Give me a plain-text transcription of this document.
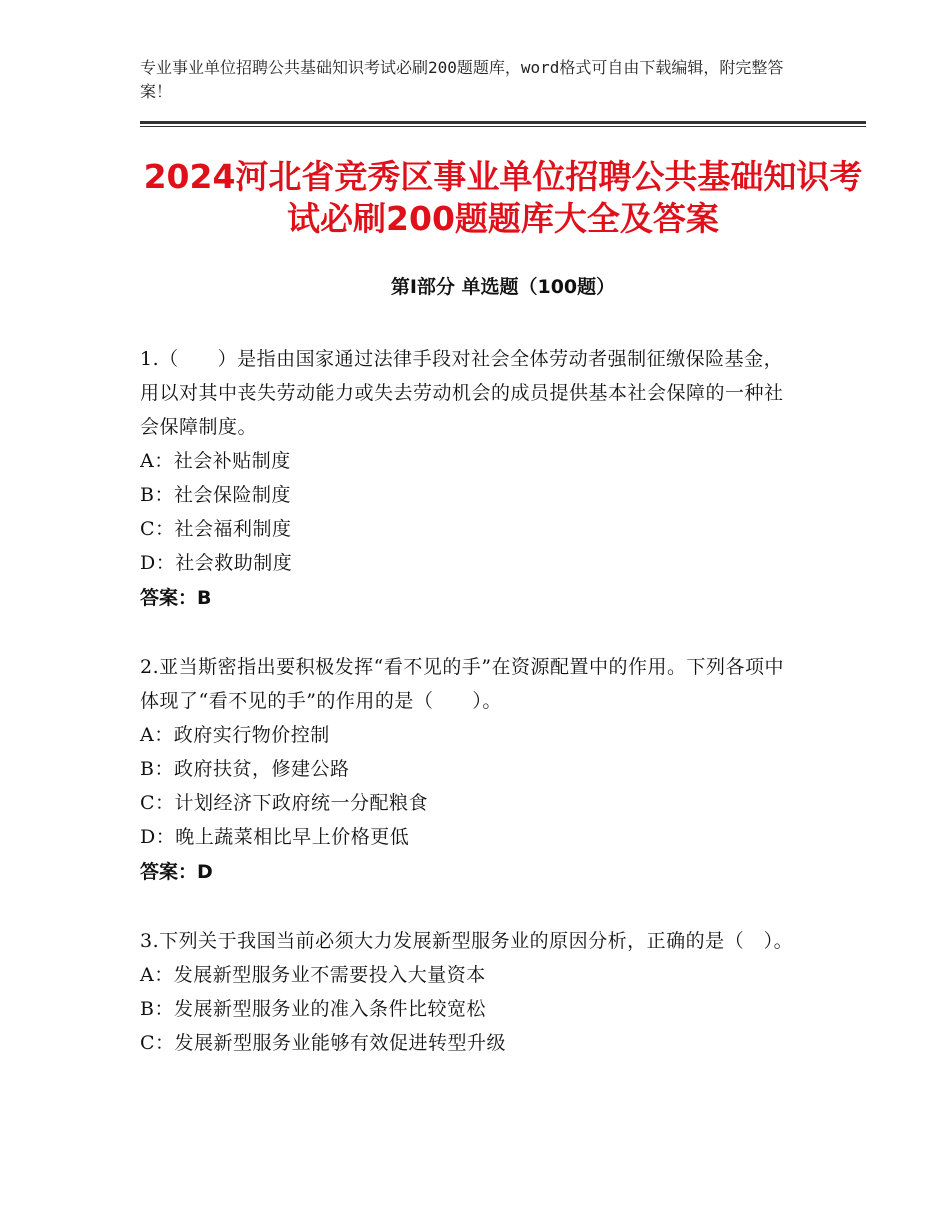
专业事业单位招聘公共基础知识考试必刷200题题库，word格式可自由下载编辑，附完整答案！
2024河北省竞秀区事业单位招聘公共基础知识考试必刷200题题库大全及答案
第Ⅰ部分 单选题（100题）
1.（　　）是指由国家通过法律手段对社会全体劳动者强制征缴保险基金，用以对其中丧失劳动能力或失去劳动机会的成员提供基本社会保障的一种社会保障制度。
A：社会补贴制度
B：社会保险制度
C：社会福利制度
D：社会救助制度
答案：B
2.亚当斯密指出要积极发挥“看不见的手”在资源配置中的作用。下列各项中体现了“看不见的手”的作用的是（　　）。
A：政府实行物价控制
B：政府扶贫，修建公路
C：计划经济下政府统一分配粮食
D：晚上蔬菜相比早上价格更低
答案：D
3.下列关于我国当前必须大力发展新型服务业的原因分析，正确的是（　）。
A：发展新型服务业不需要投入大量资本
B：发展新型服务业的准入条件比较宽松
C：发展新型服务业能够有效促进转型升级
